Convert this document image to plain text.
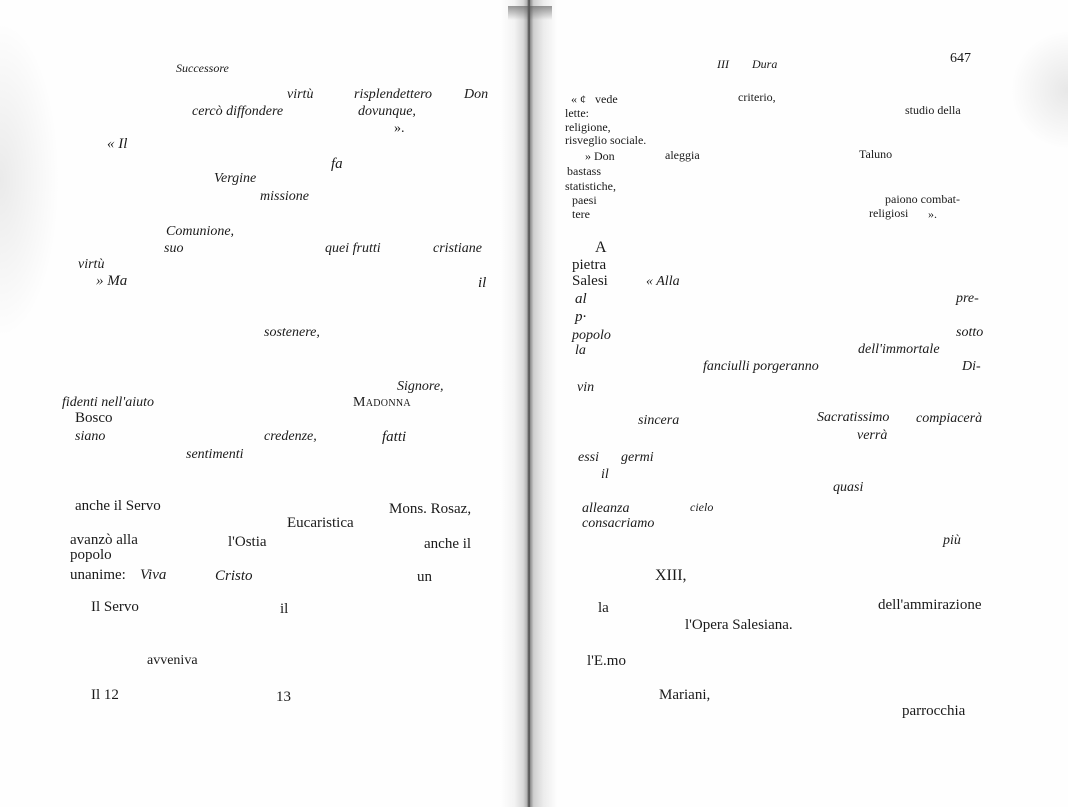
Successore
virtù	risplendettero Don
cercò diffondere	dovunque,
».
« Il
fa
Vergine
missione
Comunione,
suo	quei frutti	cristiane
virtù
» Ma	il
sostenere,
Signore,
fidenti nell'aiuto	Madonna
Bosco
siano	credenze,	fatti
sentimenti
anche il Servo	Mons. Rosaz,
Eucaristica
avanzò alla	l'Ostia	anche il
popolo
unanime: Viva	Cristo	un
Il Servo	il
avveniva
Il 12	13
III Dura	647
« ¢ vede	criterio,
lette:	studio della
religione,
risveglio sociale.
» Don	aleggia	Taluno
bastass
statistiche,
paesi	paiono combat-
tere	religiosi ».
A
pietra
Salesi	« Alla
al	pre-
p·
popolo	sotto
la	dell'immortale
fanciulli porgeranno	Di-
vin
Sacratissimo
sincera	compiacerà
verrà
essi germi
il
quasi
alleanza	cielo
consacriamo
più
XIII,
la	dell'ammirazione
l'Opera Salesiana.
l'E.mo
Mariani,
parrocchia
